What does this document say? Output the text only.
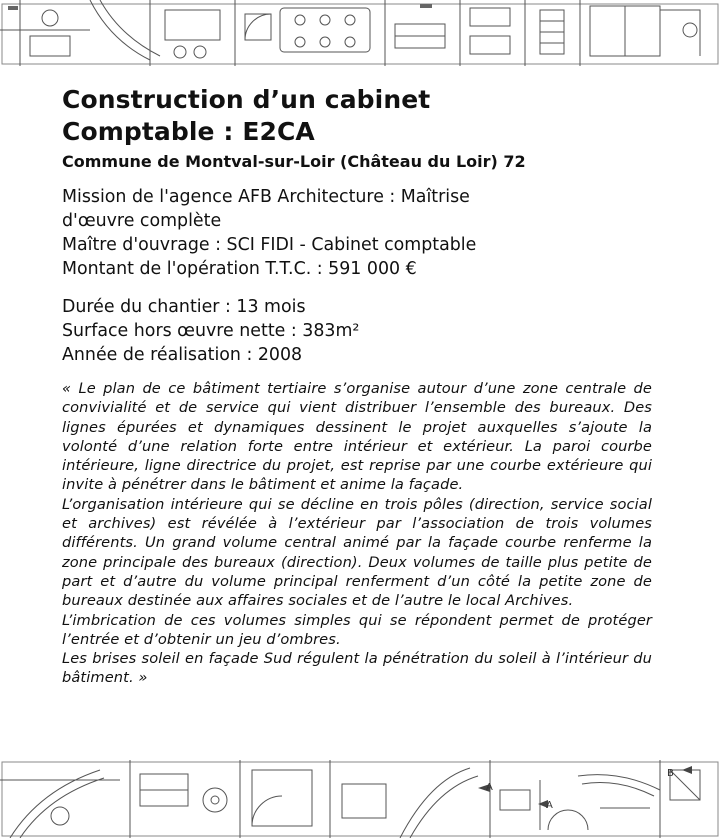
Construction d’un cabinet
Comptable : E2CA

Commune de Montval-sur-Loir (Château du Loir) 72

Mission de l'agence AFB Architecture : Maîtrise

d'œuvre complète

Maître d'ouvrage : SCI FIDI - Cabinet comptable

Montant de l'opération T.T.C. : 591 000 €

Durée du chantier : 13 mois

Surface hors œuvre nette : 383m²

Année de réalisation : 2008

« Le plan de ce bâtiment tertiaire s’organise autour d’une zone centrale de convivialité et de service qui vient distribuer l’ensemble des bureaux. Des lignes épurées et dynamiques dessinent le projet auxquelles s’ajoute la volonté d’une relation forte entre intérieur et extérieur. La paroi courbe intérieure, ligne directrice du projet, est reprise par une courbe extérieure qui invite à pénétrer dans le bâtiment et anime la façade.

L’organisation intérieure qui se décline en trois pôles (direction, service social et archives) est révélée à l’extérieur par l’association de trois volumes différents. Un grand volume central animé par la façade courbe renferme la zone principale des bureaux (direction). Deux volumes de taille plus petite de part et d’autre du volume principal renferment d’un côté la petite zone de bureaux destinée aux affaires sociales et de l’autre le local Archives.

L’imbrication de ces volumes simples qui se répondent permet de protéger l’entrée et d’obtenir un jeu d’ombres.

Les brises soleil en façade Sud régulent la pénétration du soleil à l’intérieur du bâtiment. »

A
A
B
